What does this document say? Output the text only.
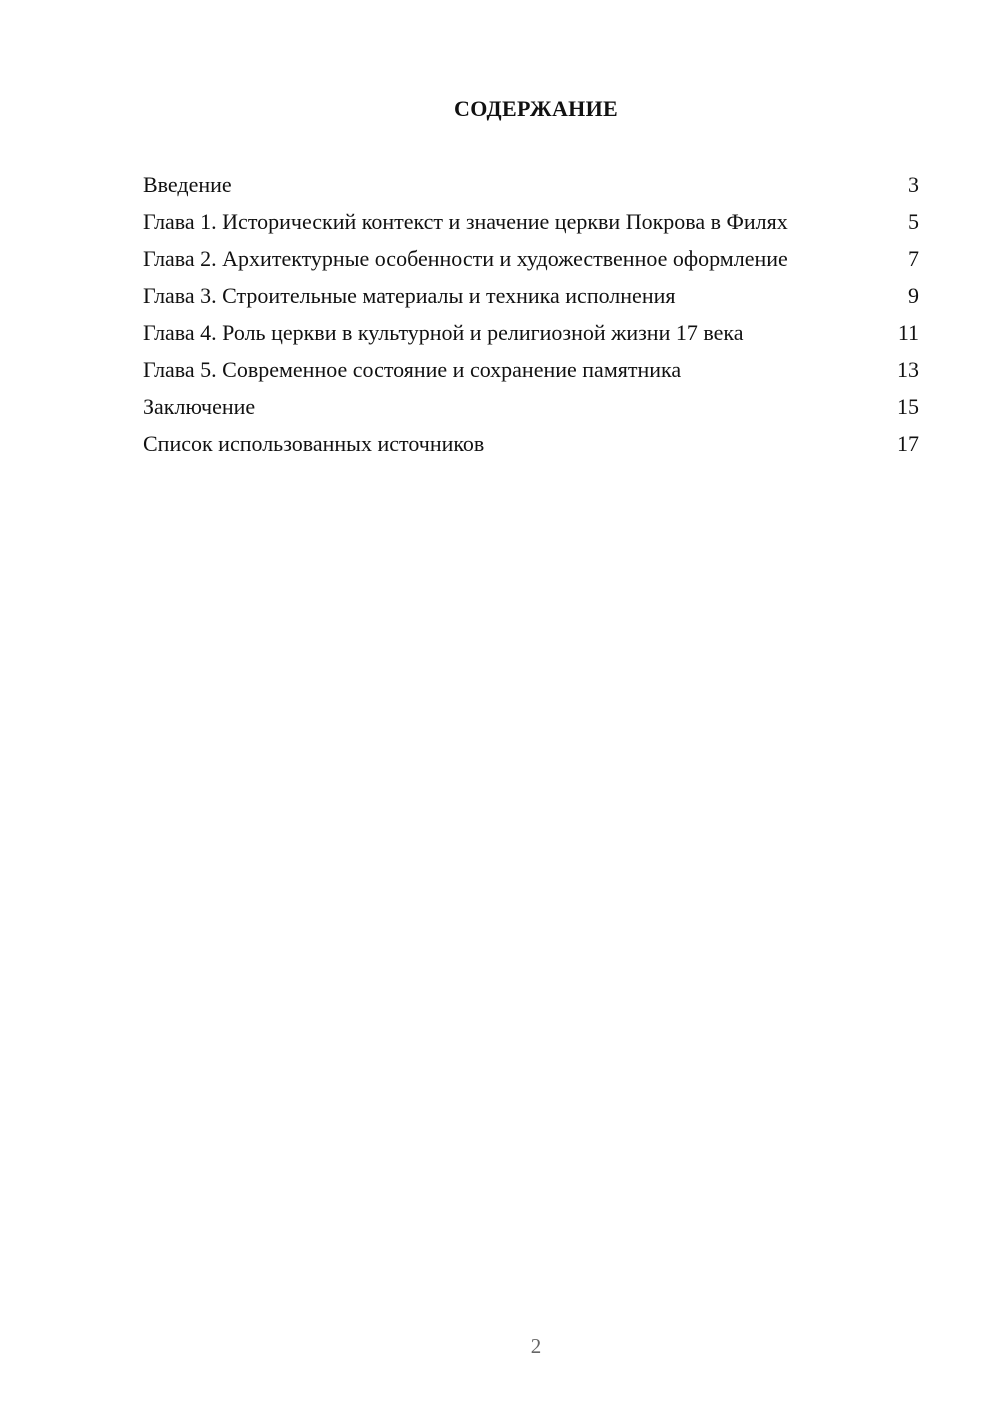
СОДЕРЖАНИЕ
Введение	3
Глава 1. Исторический контекст и значение церкви Покрова в Филях	5
Глава 2. Архитектурные особенности и художественное оформление	7
Глава 3. Строительные материалы и техника исполнения	9
Глава 4. Роль церкви в культурной и религиозной жизни 17 века	11
Глава 5. Современное состояние и сохранение памятника	13
Заключение	15
Список использованных источников	17
2
